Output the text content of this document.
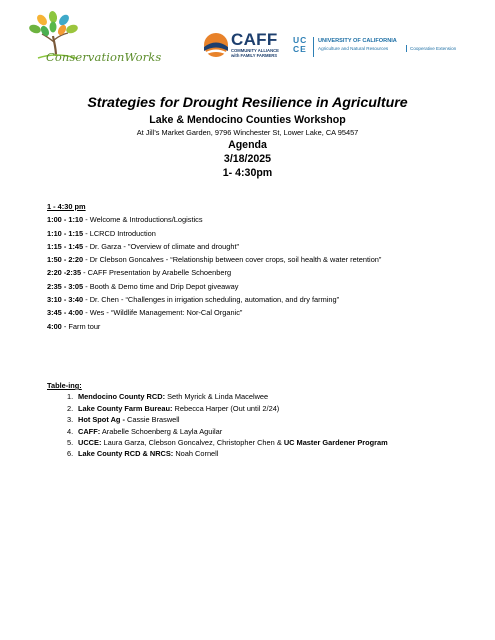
ConservationWorks
CAFF
COMMUNITY ALLIANCE
with FAMILY FARMERS
UC
CE
UNIVERSITY OF CALIFORNIA
Agriculture and Natural Resources	Cooperative Extension
Strategies for Drought Resilience in Agriculture
Lake & Mendocino Counties Workshop
At Jill's Market Garden, 9796 Winchester St, Lower Lake, CA 95457
Agenda
3/18/2025
1- 4:30pm
1 - 4:30 pm

1:00 - 1:10 - Welcome & Introductions/Logistics

1:10 - 1:15 - LCRCD Introduction

1:15 - 1:45 - Dr. Garza - "Overview of climate and drought"

1:50 - 2:20 - Dr Clebson Goncalves - “Relationship between cover crops, soil health & water retention”

2:20 -2:35 - CAFF Presentation by Arabelle Schoenberg

2:35 - 3:05 - Booth & Demo time and Drip Depot giveaway

3:10 - 3:40 - Dr. Chen - “Challenges in irrigation scheduling, automation, and dry farming”

3:45 - 4:00 - Wes - “Wildlife Management: Nor-Cal Organic”

4:00 - Farm tour

Table-ing:
1. Mendocino County RCD: Seth Myrick & Linda Macelwee
2. Lake County Farm Bureau: Rebecca Harper (Out until 2/24)
3. Hot Spot Ag - Cassie Braswell
4. CAFF: Arabelle Schoenberg & Layla Aguilar
5. UCCE: Laura Garza, Clebson Goncalvez, Christopher Chen & UC Master Gardener Program
6. Lake County RCD & NRCS: Noah Cornell
